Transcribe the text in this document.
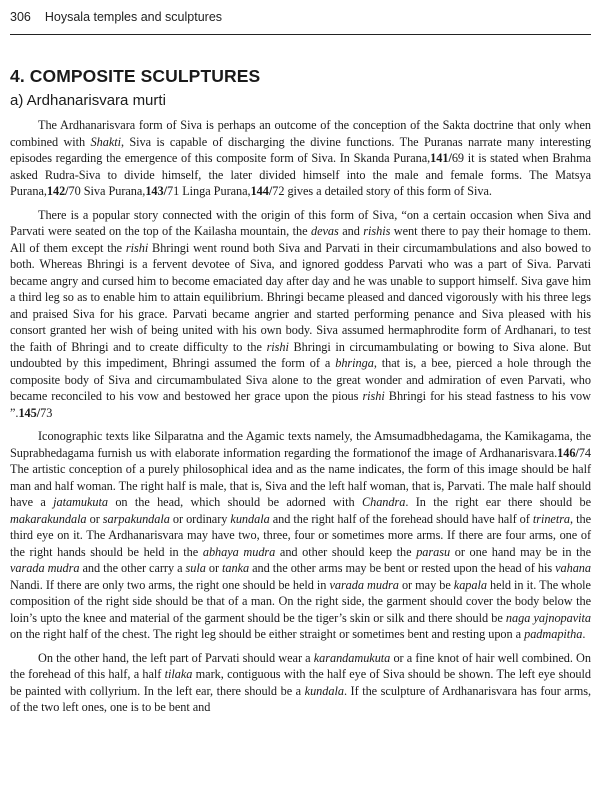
306 Hoysala temples and sculptures
4. COMPOSITE SCULPTURES
a) Ardhanarisvara murti

The Ardhanarisvara form of Siva is perhaps an outcome of the conception of the Sakta doctrine that only when combined with Shakti, Siva is capable of discharging the divine functions. The Puranas narrate many interesting episodes regarding the emergence of this composite form of Siva. In Skanda Purana,141/69 it is stated when Brahma asked Rudra-Siva to divide himself, the later divided himself into the male and female forms. The Matsya Purana,142/70 Siva Purana,143/71 Linga Purana,144/72 gives a detailed story of this form of Siva.

There is a popular story connected with the origin of this form of Siva, “on a certain occasion when Siva and Parvati were seated on the top of the Kailasha mountain, the devas and rishis went there to pay their homage to them. All of them except the rishi Bhringi went round both Siva and Parvati in their circumambulations and also bowed to both. Whereas Bhringi is a fervent devotee of Siva, and ignored goddess Parvati who was a part of Siva. Parvati became angry and cursed him to become emaciated day after day and he was unable to support himself. Siva gave him a third leg so as to enable him to attain equilibrium. Bhringi became pleased and danced vigorously with his three legs and praised Siva for his grace. Parvati became angrier and started performing penance and Siva pleased with his consort granted her wish of being united with his own body. Siva assumed hermaphrodite form of Ardhanari, to test the faith of Bhringi and to create difficulty to the rishi Bhringi in circumambulating or bowing to Siva alone. But undoubted by this impediment, Bhringi assumed the form of a bhringa, that is, a bee, pierced a hole through the composite body of Siva and circumambulated Siva alone to the great wonder and admiration of even Parvati, who became reconciled to his vow and bestowed her grace upon the pious rishi Bhringi for his stead fastness to his vow ”.145/73

Iconographic texts like Silparatna and the Agamic texts namely, the Amsumadbhedagama, the Kamikagama, the Suprabhedagama furnish us with elaborate information regarding the formationof the image of Ardhanarisvara.146/74 The artistic conception of a purely philosophical idea and as the name indicates, the form of this image should be half man and half woman. The right half is male, that is, Siva and the left half woman, that is, Parvati. The male half should have a jatamukuta on the head, which should be adorned with Chandra. In the right ear there should be makarakundala or sarpakundala or ordinary kundala and the right half of the forehead should have half of trinetra, the third eye on it. The Ardhanarisvara may have two, three, four or sometimes more arms. If there are four arms, one of the right hands should be held in the abhaya mudra and other should keep the parasu or one hand may be in the varada mudra and the other carry a sula or tanka and the other arms may be bent or rested upon the head of his vahana Nandi. If there are only two arms, the right one should be held in varada mudra or may be kapala held in it. The whole composition of the right side should be that of a man. On the right side, the garment should cover the body below the loin’s upto the knee and material of the garment should be the tiger’s skin or silk and there should be naga yajnopavita on the right half of the chest. The right leg should be either straight or sometimes bent and resting upon a padmapitha.

On the other hand, the left part of Parvati should wear a karandamukuta or a fine knot of hair well combined. On the forehead of this half, a half tilaka mark, contiguous with the half eye of Siva should be shown. The left eye should be painted with collyrium. In the left ear, there should be a kundala. If the sculpture of Ardhanarisvara has four arms, of the two left ones, one is to be bent and
